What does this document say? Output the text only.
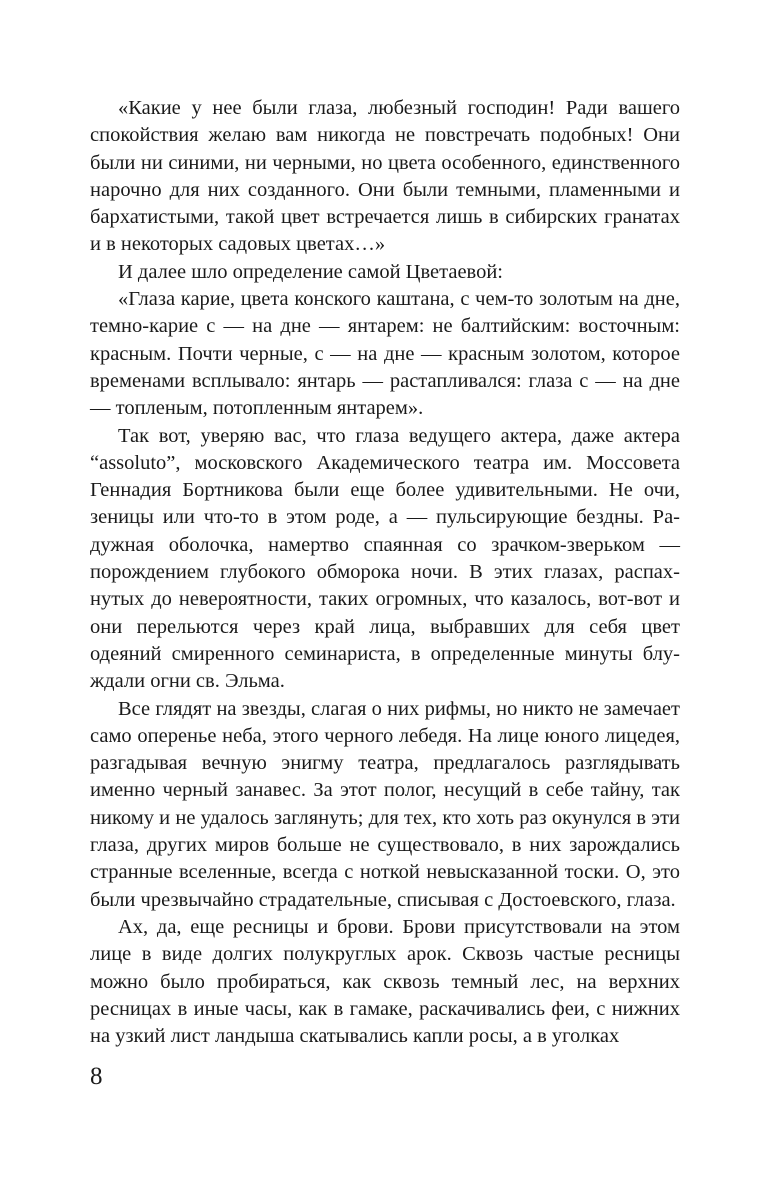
«Какие у нее были глаза, любезный господин! Ради вашего спокойствия желаю вам никогда не повстречать подобных! Они были ни синими, ни черными, но цвета особенного, единственного нарочно для них созданного. Они были темными, пламенными и бархатистыми, такой цвет встречается лишь в сибирских гранатах и в некоторых садовых цветах…»

И далее шло определение самой Цветаевой:

«Глаза карие, цвета конского каштана, с чем-то золотым на дне, темно-карие с — на дне — янтарем: не балтийским: восточным: красным. Почти черные, с — на дне — красным золотом, которое временами всплывало: янтарь — растапливался: глаза с — на дне — топленым, потопленным янтарем».

Так вот, уверяю вас, что глаза ведущего актера, даже актера “assoluto”, московского Академического театра им. Моссовета Геннадия Бортникова были еще более удивительными. Не очи, зеницы или что-то в этом роде, а — пульсирующие бездны. Радужная оболочка, намертво спаянная со зрачком-зверьком — порождением глубокого обморока ночи. В этих глазах, распахнутых до невероятности, таких огромных, что казалось, вот-вот и они перельются через край лица, выбравших для себя цвет одеяний смиренного семинариста, в определенные минуты блуждали огни св. Эльма.

Все глядят на звезды, слагая о них рифмы, но никто не замечает само оперенье неба, этого черного лебедя. На лице юного лицедея, разгадывая вечную энигму театра, предлагалось разглядывать именно черный занавес. За этот полог, несущий в себе тайну, так никому и не удалось заглянуть; для тех, кто хоть раз окунулся в эти глаза, других миров больше не существовало, в них зарождались странные вселенные, всегда с ноткой невысказанной тоски. О, это были чрезвычайно страдательные, списывая с Достоевского, глаза.

Ах, да, еще ресницы и брови. Брови присутствовали на этом лице в виде долгих полукруглых арок. Сквозь частые ресницы можно было пробираться, как сквозь темный лес, на верхних ресницах в иные часы, как в гамаке, раскачивались феи, с нижних на узкий лист ландыша скатывались капли росы, а в уголках

8
